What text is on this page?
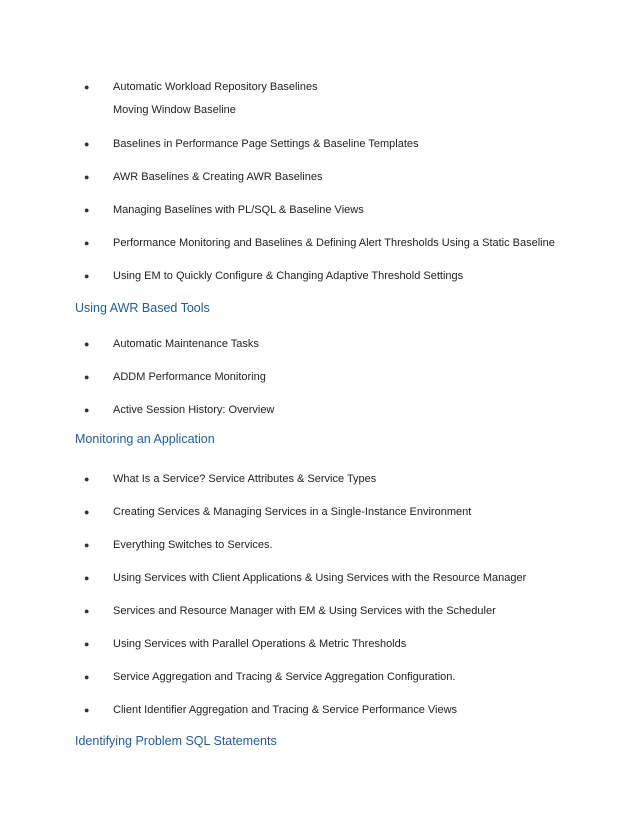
●	Automatic Workload Repository Baselines
Moving Window Baseline
●	Baselines in Performance Page Settings & Baseline Templates
●	AWR Baselines & Creating AWR Baselines
●	Managing Baselines with PL/SQL & Baseline Views
●	Performance Monitoring and Baselines & Defining Alert Thresholds Using a Static Baseline
●	Using EM to Quickly Configure & Changing Adaptive Threshold Settings
Using AWR Based Tools
●	Automatic Maintenance Tasks
●	ADDM Performance Monitoring
●	Active Session History: Overview
Monitoring an Application
●	What Is a Service? Service Attributes & Service Types
●	Creating Services & Managing Services in a Single-Instance Environment
●	Everything Switches to Services.
●	Using Services with Client Applications & Using Services with the Resource Manager
●	Services and Resource Manager with EM & Using Services with the Scheduler
●	Using Services with Parallel Operations & Metric Thresholds
●	Service Aggregation and Tracing & Service Aggregation Configuration.
●	Client Identifier Aggregation and Tracing & Service Performance Views
Identifying Problem SQL Statements
